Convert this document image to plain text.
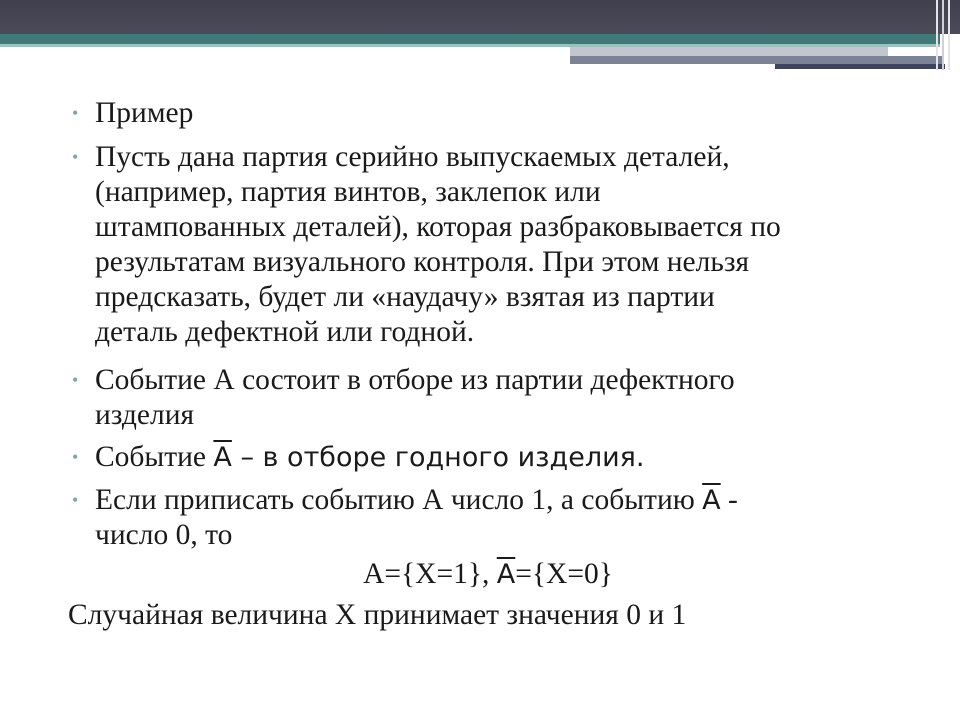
• Пример

• Пусть дана партия серийно выпускаемых деталей,
(например, партия винтов, заклепок или
штампованных деталей), которая разбраковывается по
результатам визуального контроля. При этом нельзя
предсказать, будет ли «наудачу» взятая из партии
деталь дефектной или годной.

• Событие А состоит в отборе из партии дефектного
изделия

• Событие $\overline{A}$ – в отборе годного изделия.

• Если приписать событию А число 1, а событию $\overline{A}$ -
число 0, то

A={X=1}, $\overline{A}=\{X=0\}$

Случайная величина Х принимает значения 0 и 1
